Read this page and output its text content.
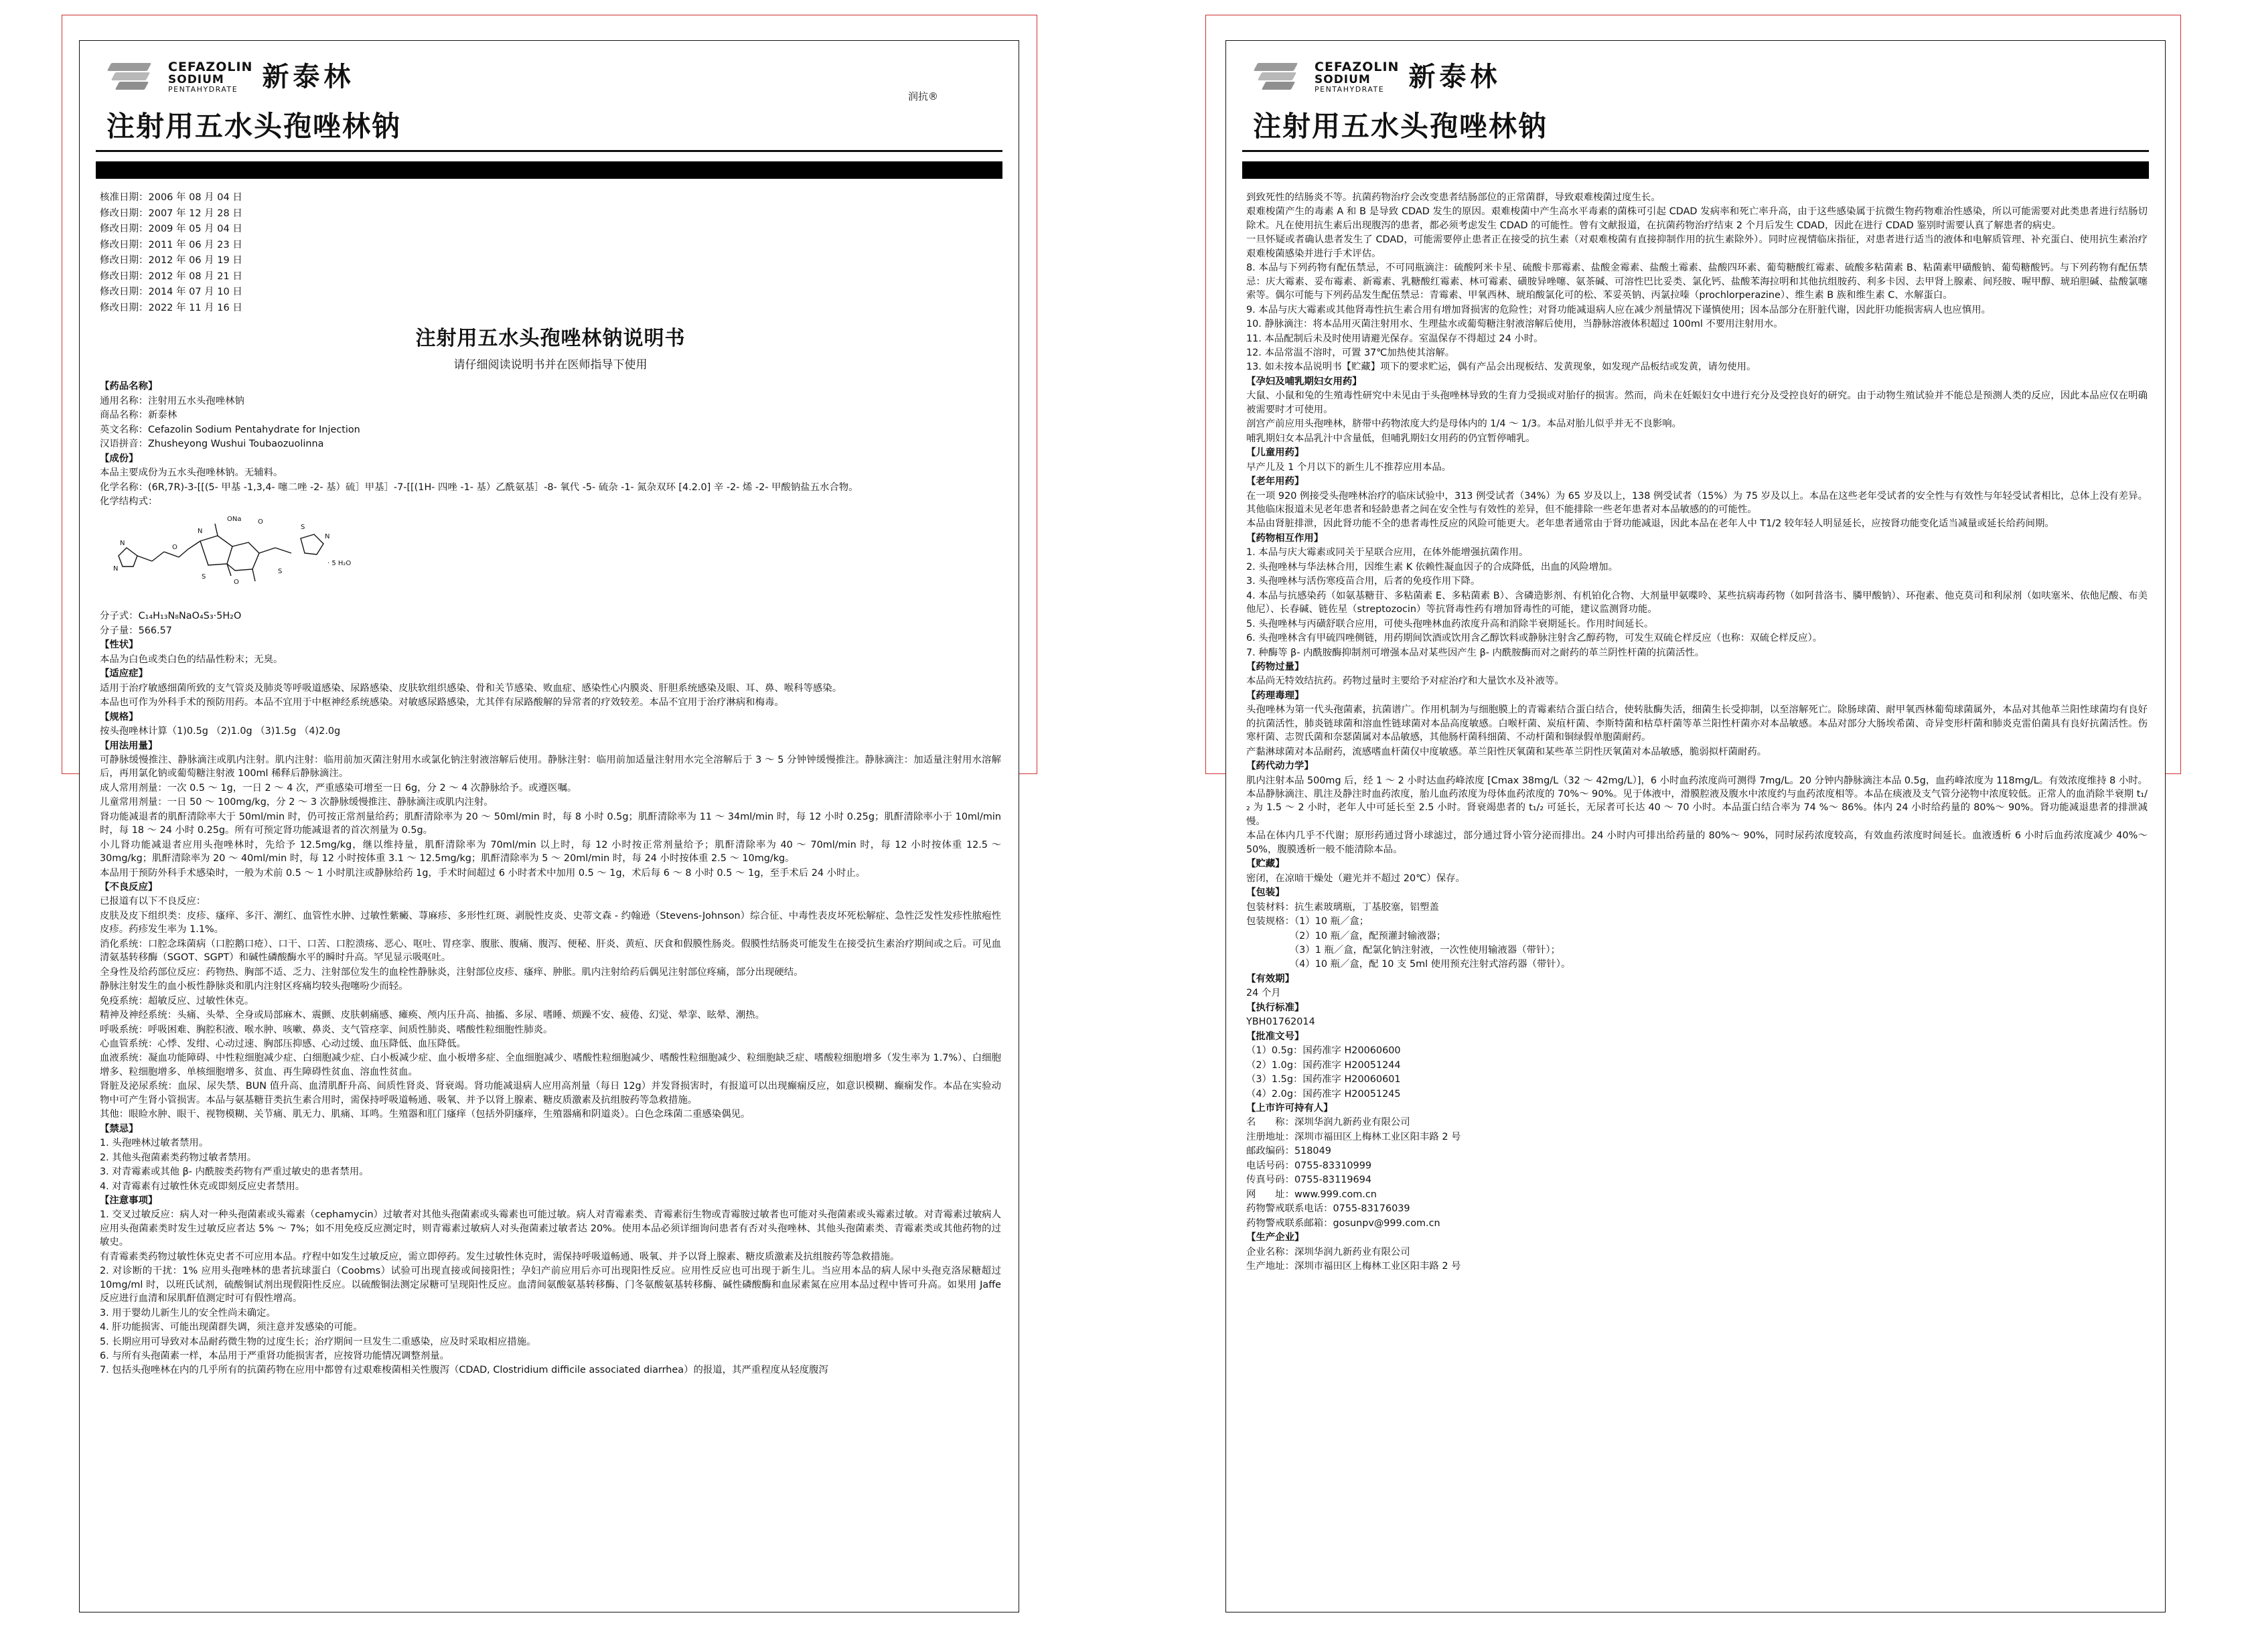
CEFAZOLIN
SODIUM
PENTAHYDRATE 新泰林
润抗®
注射用五水头孢唑林钠

核准日期：2006 年 08 月 04 日

修改日期：2007 年 12 月 28 日

修改日期：2009 年 05 月 04 日

修改日期：2011 年 06 月 23 日

修改日期：2012 年 06 月 19 日

修改日期：2012 年 08 月 21 日

修改日期：2014 年 07 月 10 日

修改日期：2022 年 11 月 16 日

注射用五水头孢唑林钠说明书
请仔细阅读说明书并在医师指导下使用

【药品名称】

通用名称：注射用五水头孢唑林钠

商品名称：新泰林

英文名称：Cefazolin Sodium Pentahydrate for Injection

汉语拼音：Zhusheyong Wushui Toubaozuolinna

【成份】

本品主要成份为五水头孢唑林钠。无辅料。

化学名称：(6R,7R)-3-[[(5- 甲基 -1,3,4- 噻二唑 -2- 基）硫］甲基］-7-[[(1H- 四唑 -1- 基）乙酰氨基］-8- 氧代 -5- 硫杂 -1- 氮杂双环 [4.2.0] 辛 -2- 烯 -2- 甲酸钠盐五水合物。

化学结构式：

ONa O
S
N
N
N
O
S
O
S
· 5 H₂O
N

分子式：C₁₄H₁₃N₈NaO₄S₃·5H₂O

分子量：566.57

【性状】

本品为白色或类白色的结晶性粉末；无臭。

【适应症】

适用于治疗敏感细菌所致的支气管炎及肺炎等呼吸道感染、尿路感染、皮肤软组织感染、骨和关节感染、败血症、感染性心内膜炎、肝胆系统感染及眼、耳、鼻、喉科等感染。

本品也可作为外科手术的预防用药。本品不宜用于中枢神经系统感染。对敏感尿路感染，尤其伴有尿路酸解的异常者的疗效较差。本品不宜用于治疗淋病和梅毒。

【规格】

按头孢唑林计算（1)0.5g （2)1.0g （3)1.5g （4)2.0g

【用法用量】

可静脉缓慢推注、静脉滴注或肌内注射。肌内注射：临用前加灭菌注射用水或氯化钠注射液溶解后使用。静脉注射：临用前加适量注射用水完全溶解后于 3 ～ 5 分钟钟缓慢推注。静脉滴注：加适量注射用水溶解后，再用氯化钠或葡萄糖注射液 100ml 稀释后静脉滴注。

成人常用剂量：一次 0.5 ～ 1g，一日 2 ～ 4 次，严重感染可增至一日 6g，分 2 ～ 4 次静脉给予。或遵医嘱。

儿童常用剂量：一日 50 ～ 100mg/kg，分 2 ～ 3 次静脉缓慢推注、静脉滴注或肌内注射。

肾功能减退者的肌酐清除率大于 50ml/min 时，仍可按正常剂量给药；肌酐清除率为 20 ～ 50ml/min 时，每 8 小时 0.5g；肌酐清除率为 11 ～ 34ml/min 时，每 12 小时 0.25g；肌酐清除率小于 10ml/min 时，每 18 ～ 24 小时 0.25g。所有可预定肾功能减退者的首次剂量为 0.5g。

小儿肾功能减退者应用头孢唑林时，先给予 12.5mg/kg，继以维持量，肌酐清除率为 70ml/min 以上时，每 12 小时按正常剂量给予；肌酐清除率为 40 ～ 70ml/min 时，每 12 小时按体重 12.5 ～ 30mg/kg；肌酐清除率为 20 ～ 40ml/min 时，每 12 小时按体重 3.1 ～ 12.5mg/kg；肌酐清除率为 5 ～ 20ml/min 时，每 24 小时按体重 2.5 ～ 10mg/kg。

本品用于预防外科手术感染时，一般为术前 0.5 ～ 1 小时肌注或静脉给药 1g，手术时间超过 6 小时者术中加用 0.5 ～ 1g，术后每 6 ～ 8 小时 0.5 ～ 1g，至手术后 24 小时止。

【不良反应】

已报道有以下不良反应：

皮肤及皮下组织类：皮疹、瘙痒、多汗、潮红、血管性水肿、过敏性紫癜、荨麻疹、多形性红斑、剥脱性皮炎、史蒂文森 - 约翰逊（Stevens-Johnson）综合征、中毒性表皮坏死松解症、急性泛发性发疹性脓疱性皮疹。药疹发生率为 1.1%。

消化系统：口腔念珠菌病（口腔鹅口疮）、口干、口苦、口腔溃疡、恶心、呕吐、胃痉挛、腹胀、腹痛、腹泻、便秘、肝炎、黄疸、厌食和假膜性肠炎。假膜性结肠炎可能发生在接受抗生素治疗期间或之后。可见血清氨基转移酶（SGOT、SGPT）和碱性磷酸酶水平的瞬时升高。罕见显示吸呕吐。

全身性及给药部位反应：药物热、胸部不适、乏力、注射部位发生的血栓性静脉炎，注射部位皮疹、瘙痒、肿胀。肌内注射给药后偶见注射部位疼痛，部分出现硬结。

静脉注射发生的血小板性静脉炎和肌内注射区疼痛均较头孢噻吩少而轻。

免疫系统：超敏反应、过敏性休克。

精神及神经系统：头痛、头晕、全身或局部麻木、震颤、皮肤刺痛感、瘫痪、颅内压升高、抽搐、多尿、嗜睡、烦躁不安、疲倦、幻觉、晕挛、眩晕、潮热。

呼吸系统：呼吸困难、胸腔积液、喉水肿、咳嗽、鼻炎、支气管痉挛、间质性肺炎、嗜酸性粒细胞性肺炎。

心血管系统：心悸、发绀、心动过速、胸部压抑感、心动过缓、血压降低、血压降低。

血液系统：凝血功能障碍、中性粒细胞减少症、白细胞减少症、白小板减少症、血小板增多症、全血细胞减少、嗜酸性粒细胞减少、嗜酸性粒细胞减少、粒细胞缺乏症、嗜酸粒细胞增多（发生率为 1.7%）、白细胞增多、粒细胞增多、单核细胞增多、贫血、再生障碍性贫血、溶血性贫血。

肾脏及泌尿系统：血尿、尿失禁、BUN 值升高、血清肌酐升高、间质性肾炎、肾衰竭。肾功能减退病人应用高剂量（每日 12g）并发肾损害时，有报道可以出现癫痫反应，如意识模糊、癫痫发作。本品在实验动物中可产生肾小管损害。本品与氨基糖苷类抗生素合用时，需保持呼吸道畅通、吸氧、并予以肾上腺素、糖皮质激素及抗组胺药等急救措施。

其他：眼睑水肿、眼干、视物模糊、关节痛、肌无力、肌痛、耳鸣。生殖器和肛门瘙痒（包括外阴瘙痒，生殖器痛和阴道炎）。白色念珠菌二重感染偶见。

【禁忌】

1. 头孢唑林过敏者禁用。

2. 其他头孢菌素类药物过敏者禁用。

3. 对青霉素或其他 β- 内酰胺类药物有严重过敏史的患者禁用。

4. 对青霉素有过敏性休克或即刻反应史者禁用。

【注意事项】

1. 交叉过敏反应：病人对一种头孢菌素或头霉素（cephamycin）过敏者对其他头孢菌素或头霉素也可能过敏。病人对青霉素类、青霉素衍生物或青霉胺过敏者也可能对头孢菌素或头霉素过敏。对青霉素过敏病人应用头孢菌素类时发生过敏反应者达 5% ～ 7%；如不用免疫反应测定时，则青霉素过敏病人对头孢菌素过敏者达 20%。使用本品必须详细询问患者有否对头孢唑林、其他头孢菌素类、青霉素类或其他药物的过敏史。

有青霉素类药物过敏性休克史者不可应用本品。疗程中如发生过敏反应，需立即停药。发生过敏性休克时，需保持呼吸道畅通、吸氧、并予以肾上腺素、糖皮质激素及抗组胺药等急救措施。

2. 对诊断的干扰：1% 应用头孢唑林的患者抗球蛋白（Coobms）试验可出现直接或间接阳性；孕妇产前应用后亦可出现阳性反应。应用性反应也可出现于新生儿。当应用本品的病人尿中头孢克洛尿糖超过 10mg/ml 时，以班氏试剂，硫酸铜试剂出现假阳性反应。以硫酸铜法测定尿糖可呈现阳性反应。血清间氨酸氨基转移酶、门冬氨酸氨基转移酶、碱性磷酸酶和血尿素氮在应用本品过程中皆可升高。如果用 Jaffe 反应进行血清和尿肌酐值测定时可有假性增高。

3. 用于婴幼儿新生儿的安全性尚未确定。

4. 肝功能损害、可能出现菌群失调，须注意并发感染的可能。

5. 长期应用可导致对本品耐药微生物的过度生长；治疗期间一旦发生二重感染，应及时采取相应措施。

6. 与所有头孢菌素一样，本品用于严重肾功能损害者，应按肾功能情况调整剂量。

7. 包括头孢唑林在内的几乎所有的抗菌药物在应用中都曾有过艰难梭菌相关性腹泻（CDAD, Clostridium difficile associated diarrhea）的报道，其严重程度从轻度腹泻

CEFAZOLIN
SODIUM
PENTAHYDRATE 新泰林
注射用五水头孢唑林钠

到致死性的结肠炎不等。抗菌药物治疗会改变患者结肠部位的正常菌群，导致艰难梭菌过度生长。

艰难梭菌产生的毒素 A 和 B 是导致 CDAD 发生的原因。艰难梭菌中产生高水平毒素的菌株可引起 CDAD 发病率和死亡率升高，由于这些感染属于抗微生物药物难治性感染，所以可能需要对此类患者进行结肠切除术。凡在使用抗生素后出现腹泻的患者，都必须考虑发生 CDAD 的可能性。曾有文献报道，在抗菌药物治疗结束 2 个月后发生 CDAD，因此在进行 CDAD 鉴别时需要认真了解患者的病史。

一旦怀疑或者确认患者发生了 CDAD，可能需要停止患者正在接受的抗生素（对艰难梭菌有直接抑制作用的抗生素除外）。同时应视情临床指征，对患者进行适当的液体和电解质管理、补充蛋白、使用抗生素治疗艰难梭菌感染并进行手术评估。

8. 本品与下列药物有配伍禁忌，不可同瓶滴注：硫酸阿米卡星、硫酸卡那霉素、盐酸金霉素、盐酸土霉素、盐酸四环素、葡萄糖酸红霉素、硫酸多粘菌素 B、粘菌素甲磺酸钠、葡萄糖酸钙。与下列药物有配伍禁忌：庆大霉素、妥布霉素、新霉素、乳糖酸红霉素、林可霉素、磺胺异唑噻、氨茶碱、可溶性巴比妥类、氯化钙、盐酸苯海拉明和其他抗组胺药、利多卡因、去甲肾上腺素、间羟胺、喔甲醇、琥珀胆碱、盐酸氯噻索等。偶尔可能与下列药品发生配伍禁忌：青霉素、甲氧西林、琥珀酸氯化可的松、苯妥英钠、丙氯拉嗪（prochlorperazine）、维生素 B 族和维生素 C、水解蛋白。

9. 本品与庆大霉素或其他肾毒性抗生素合用有增加肾损害的危险性；对肾功能减退病人应在减少剂量情况下谨慎使用；因本品部分在肝脏代谢，因此肝功能损害病人也应慎用。

10. 静脉滴注：将本品用灭菌注射用水、生理盐水或葡萄糖注射液溶解后使用，当静脉溶液体积超过 100ml 不要用注射用水。

11. 本品配制后未及时使用请避光保存。室温保存不得超过 24 小时。

12. 本品常温不溶时，可置 37℃加热使其溶解。

13. 如未按本品说明书【贮藏】项下的要求贮运，偶有产品会出现板结、发黄现象，如发现产品板结或发黄，请勿使用。

【孕妇及哺乳期妇女用药】

大鼠、小鼠和兔的生殖毒性研究中未见由于头孢唑林导致的生育力受损或对胎仔的损害。然而，尚未在妊娠妇女中进行充分及受控良好的研究。由于动物生殖试验并不能总是预测人类的反应，因此本品应仅在明确被需要时才可使用。

剖宫产前应用头孢唑林，脐带中药物浓度大约是母体内的 1/4 ～ 1/3。本品对胎儿似乎并无不良影响。

哺乳期妇女本品乳汁中含量低，但哺乳期妇女用药的仍宜暂停哺乳。

【儿童用药】

早产儿及 1 个月以下的新生儿不推荐应用本品。

【老年用药】

在一项 920 例接受头孢唑林治疗的临床试验中，313 例受试者（34%）为 65 岁及以上，138 例受试者（15%）为 75 岁及以上。本品在这些老年受试者的安全性与有效性与年轻受试者相比，总体上没有差异。其他临床报道未见老年患者和轻龄患者之间在安全性与有效性的差异，但不能排除一些老年患者对本品敏感的的可能性。

本品由肾脏排泄，因此肾功能不全的患者毒性反应的风险可能更大。老年患者通常由于肾功能减退，因此本品在老年人中 T1/2 较年轻人明显延长，应按肾功能变化适当减量或延长给药间期。

【药物相互作用】

1. 本品与庆大霉素或同关于星联合应用，在体外能增强抗菌作用。

2. 头孢唑林与华法林合用，因维生素 K 依赖性凝血因子的合成降低，出血的风险增加。

3. 头孢唑林与活伤寒疫苗合用，后者的免疫作用下降。

4. 本品与抗感染药（如氨基糖苷、多粘菌素 E、多粘菌素 B）、含磷造影剂、有机铂化合物、大剂量甲氨喋呤、某些抗病毒药物（如阿昔洛韦、膦甲酸钠）、环孢素、他克莫司和利尿剂（如呋塞米、依他尼酸、布美他尼）、长春碱、链佐星（streptozocin）等抗肾毒性药有增加肾毒性的可能，建议监测肾功能。

5. 头孢唑林与丙磺舒联合应用，可使头孢唑林血药浓度升高和消除半衰期延长。作用时间延长。

6. 头孢唑林含有甲硫四唑侧链，用药期间饮酒或饮用含乙醇饮料或静脉注射含乙醇药物，可发生双硫仑样反应（也称：双硫仑样反应）。

7. 种酶等 β- 内酰胺酶抑制剂可增强本品对某些因产生 β- 内酰胺酶而对之耐药的革兰阴性杆菌的抗菌活性。

【药物过量】

本品尚无特效结抗药。药物过量时主要给予对症治疗和大量饮水及补液等。

【药理毒理】

头孢唑林为第一代头孢菌素，抗菌谱广。作用机制为与细胞膜上的青霉素结合蛋白结合，使转肽酶失活，细菌生长受抑制，以至溶解死亡。除肠球菌、耐甲氧西林葡萄球菌属外，本品对其他革兰阳性球菌均有良好的抗菌活性，肺炎链球菌和溶血性链球菌对本品高度敏感。白喉杆菌、炭疽杆菌、李斯特菌和枯草杆菌等革兰阳性杆菌亦对本品敏感。本品对部分大肠埃希菌、奇异变形杆菌和肺炎克雷伯菌具有良好抗菌活性。伤寒杆菌、志贺氏菌和奈瑟菌属对本品敏感，其他肠杆菌科细菌、不动杆菌和铜绿假单胞菌耐药。

产黏淋球菌对本品耐药，流感嗜血杆菌仅中度敏感。革兰阳性厌氧菌和某些革兰阴性厌氧菌对本品敏感，脆弱拟杆菌耐药。

【药代动力学】

肌内注射本品 500mg 后，经 1 ～ 2 小时达血药峰浓度 [Cmax 38mg/L（32 ～ 42mg/L）]，6 小时血药浓度尚可测得 7mg/L。20 分钟内静脉滴注本品 0.5g，血药峰浓度为 118mg/L。有效浓度维持 8 小时。本品静脉滴注、肌注及静注时血药浓度，胎儿血药浓度为母体血药浓度的 70%～ 90%。见于体液中，滑膜腔液及腹水中浓度约与血药浓度相等。本品在痰液及支气管分泌物中浓度较低。正常人的血消除半衰期 t₁/₂ 为 1.5 ～ 2 小时，老年人中可延长至 2.5 小时。肾衰竭患者的 t₁/₂ 可延长，无尿者可长达 40 ～ 70 小时。本品蛋白结合率为 74 %～ 86%。体内 24 小时给药量的 80%～ 90%。肾功能减退患者的排泄减慢。

本品在体内几乎不代谢；原形药通过肾小球滤过，部分通过肾小管分泌而排出。24 小时内可排出给药量的 80%～ 90%，同时尿药浓度较高，有效血药浓度时间延长。血液透析 6 小时后血药浓度减少 40%～ 50%，腹膜透析一般不能清除本品。

【贮藏】

密闭，在凉暗干燥处（避光并不超过 20℃）保存。

【包装】

包装材料：抗生素玻璃瓶，丁基胶塞，铝塑盖

包装规格：（1）10 瓶／盒；

　　　　　（2）10 瓶／盒，配预灌封输液器；

　　　　　（3）1 瓶／盒，配氯化钠注射液，一次性使用输液器（带针）；

　　　　　（4）10 瓶／盒，配 10 支 5ml 使用预充注射式溶药器（带针）。

【有效期】

24 个月

【执行标准】

YBH01762014

【批准文号】

（1）0.5g：国药准字 H20060600

（2）1.0g：国药准字 H20051244

（3）1.5g：国药准字 H20060601

（4）2.0g：国药准字 H20051245

【上市许可持有人】

名　　称：深圳华润九新药业有限公司

注册地址：深圳市福田区上梅林工业区阳丰路 2 号

邮政编码：518049

电话号码：0755-83310999

传真号码：0755-83119694

网　　址：www.999.com.cn

药物警戒联系电话：0755-83176039

药物警戒联系邮箱：gosunpv@999.com.cn

【生产企业】

企业名称：深圳华润九新药业有限公司

生产地址：深圳市福田区上梅林工业区阳丰路 2 号
